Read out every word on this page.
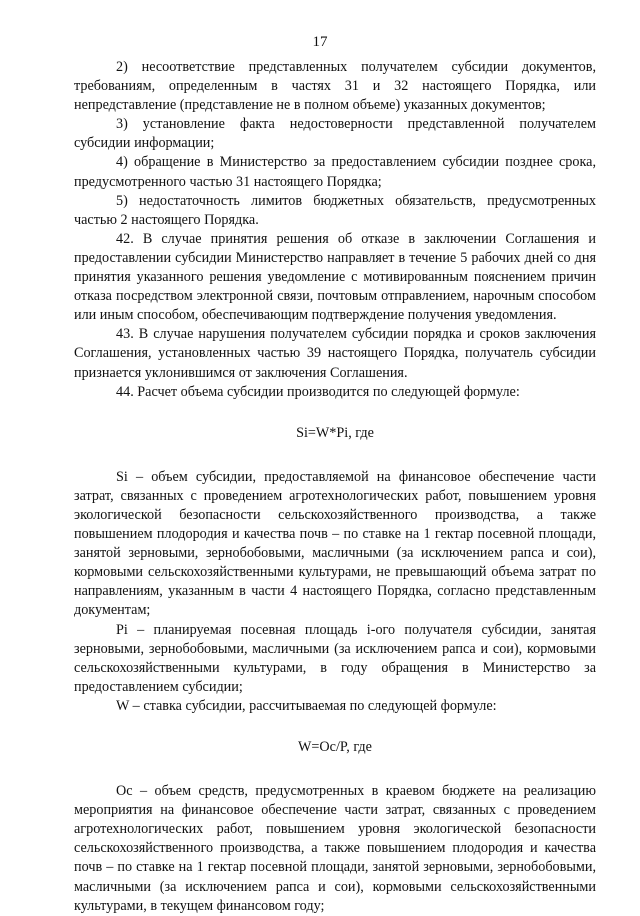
17

2) несоответствие представленных получателем субсидии документов, требованиям, определенным в частях 31 и 32 настоящего Порядка, или непредставление (представление не в полном объеме) указанных документов;

3) установление факта недостоверности представленной получателем субсидии информации;

4) обращение в Министерство за предоставлением субсидии позднее срока, предусмотренного частью 31 настоящего Порядка;

5) недостаточность лимитов бюджетных обязательств, предусмотренных частью 2 настоящего Порядка.

42. В случае принятия решения об отказе в заключении Соглашения и предоставлении субсидии Министерство направляет в течение 5 рабочих дней со дня принятия указанного решения уведомление с мотивированным пояснением причин отказа посредством электронной связи, почтовым отправлением, нарочным способом или иным способом, обеспечивающим подтверждение получения уведомления.

43. В случае нарушения получателем субсидии порядка и сроков заключения Соглашения, установленных частью 39 настоящего Порядка, получатель субсидии признается уклонившимся от заключения Соглашения.

44. Расчет объема субсидии производится по следующей формуле:

Si=W*Pi, где

Si – объем субсидии, предоставляемой на финансовое обеспечение части затрат, связанных с проведением агротехнологических работ, повышением уровня экологической безопасности сельскохозяйственного производства, а также повышением плодородия и качества почв – по ставке на 1 гектар посевной площади, занятой зерновыми, зернобобовыми, масличными (за исключением рапса и сои), кормовыми сельскохозяйственными культурами, не превышающий объема затрат по направлениям, указанным в части 4 настоящего Порядка, согласно представленным документам;

Pi – планируемая посевная площадь i-ого получателя субсидии, занятая зерновыми, зернобобовыми, масличными (за исключением рапса и сои), кормовыми сельскохозяйственными культурами, в году обращения в Министерство за предоставлением субсидии;

W – ставка субсидии, рассчитываемая по следующей формуле:

W=Oc/P, где

Oc – объем средств, предусмотренных в краевом бюджете на реализацию мероприятия на финансовое обеспечение части затрат, связанных с проведением агротехнологических работ, повышением уровня экологической безопасности сельскохозяйственного производства, а также повышением плодородия и качества почв – по ставке на 1 гектар посевной площади, занятой зерновыми, зернобобовыми, масличными (за исключением рапса и сои), кормовыми сельскохозяйственными культурами, в текущем финансовом году;
